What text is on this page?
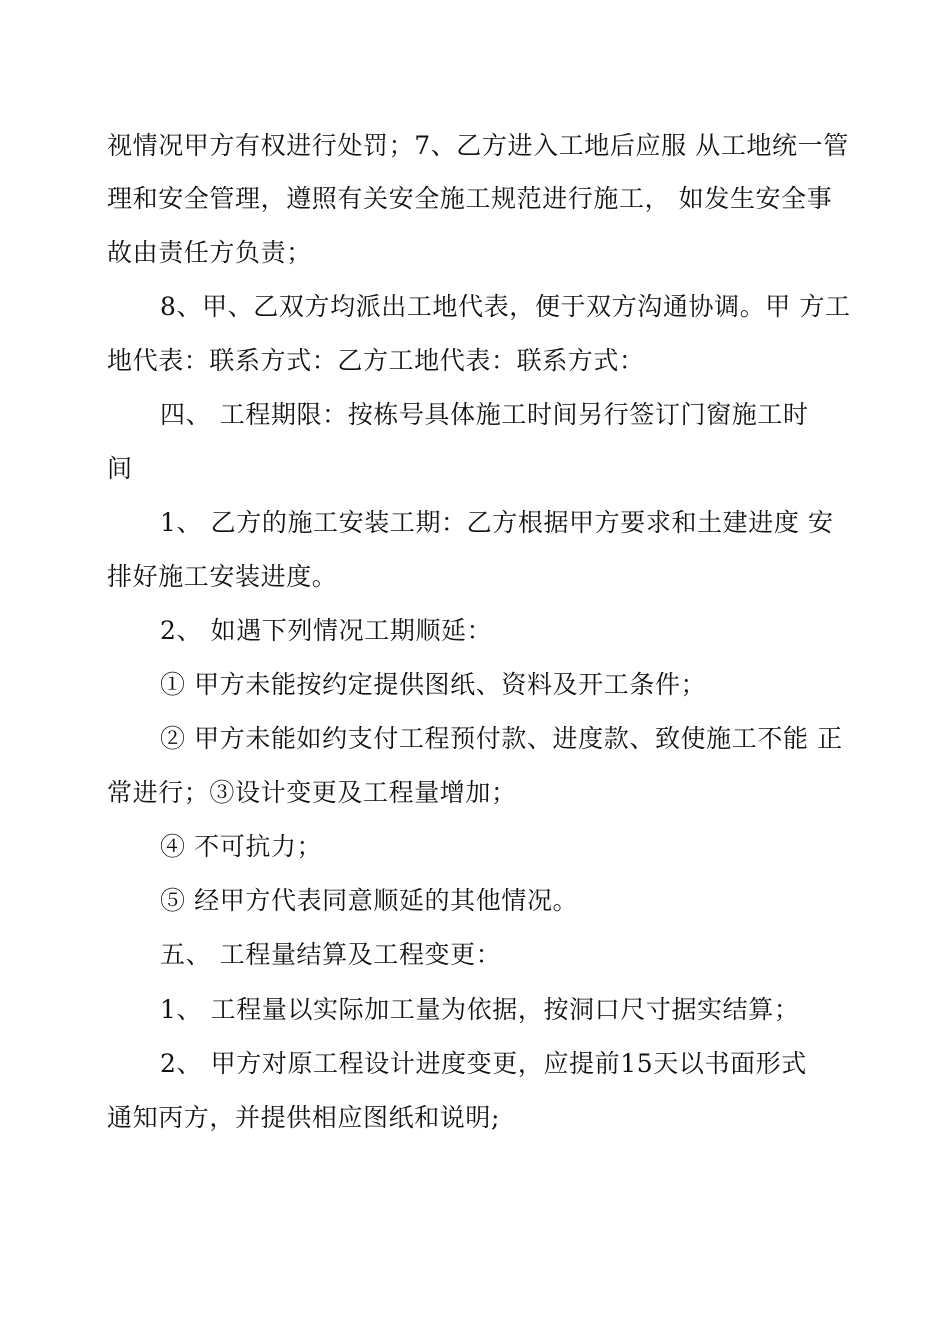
视情况甲方有权进行处罚；7、乙方进入工地后应服 从工地统一管
理和安全管理，遵照有关安全施工规范进行施工， 如发生安全事
故由责任方负责；
8、甲、乙双方均派出工地代表，便于双方沟通协调。甲 方工
地代表：联系方式：乙方工地代表：联系方式：
四、 工程期限：按栋号具体施工时间另行签订门窗施工时
间
1、 乙方的施工安装工期：乙方根据甲方要求和土建进度 安
排好施工安装进度。
2、 如遇下列情况工期顺延：
① 甲方未能按约定提供图纸、资料及开工条件；
② 甲方未能如约支付工程预付款、进度款、致使施工不能 正
常进行；③设计变更及工程量增加；
④ 不可抗力；
⑤ 经甲方代表同意顺延的其他情况。
五、 工程量结算及工程变更：
1、 工程量以实际加工量为依据，按洞口尺寸据实结算；
2、 甲方对原工程设计进度变更，应提前15天以书面形式
通知丙方，并提供相应图纸和说明;
